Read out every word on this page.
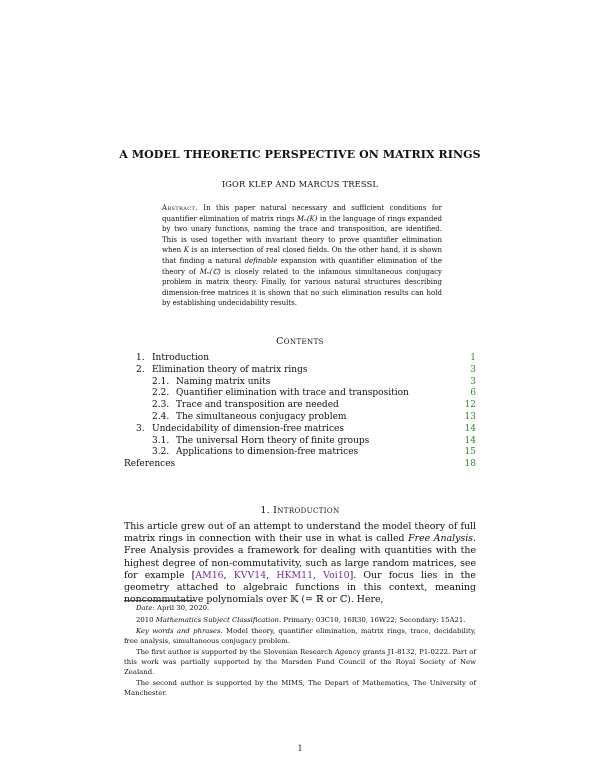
A MODEL THEORETIC PERSPECTIVE ON MATRIX RINGS
IGOR KLEP AND MARCUS TRESSL
Abstract. In this paper natural necessary and sufficient conditions for quantifier elimination of matrix rings Mₙ(K) in the language of rings expanded by two unary functions, naming the trace and transposition, are identified. This is used together with invariant theory to prove quantifier elimination when K is an intersection of real closed fields. On the other hand, it is shown that finding a natural definable expansion with quantifier elimination of the theory of Mₙ(ℂ) is closely related to the infamous simultaneous conjugacy problem in matrix theory. Finally, for various natural structures describing dimension-free matrices it is shown that no such elimination results can hold by establishing undecidability results.
Contents
1. Introduction	1
2. Elimination theory of matrix rings	3
2.1. Naming matrix units	3
2.2. Quantifier elimination with trace and transposition	6
2.3. Trace and transposition are needed	12
2.4. The simultaneous conjugacy problem	13
3. Undecidability of dimension-free matrices	14
3.1. The universal Horn theory of finite groups	14
3.2. Applications to dimension-free matrices	15
References	18
1. Introduction
This article grew out of an attempt to understand the model theory of full matrix rings in connection with their use in what is called Free Analysis. Free Analysis provides a framework for dealing with quantities with the highest degree of non-commutativity, such as large random matrices, see for example [AM16, KVV14, HKM11, Voi10]. Our focus lies in the geometry attached to algebraic functions in this context, meaning noncommutative polynomials over 𝕂 (= ℝ or ℂ). Here,

Date: April 30, 2020.

2010 Mathematics Subject Classification. Primary: 03C10, 16R30, 16W22; Secondary: 15A21.

Key words and phrases. Model theory, quantifier elimination, matrix rings, trace, decidability, free analysis, simultaneous conjugacy problem.

The first author is supported by the Slovenian Research Agency grants J1-8132, P1-0222. Part of this work was partially supported by the Marsden Fund Council of the Royal Society of New Zealand.

The second author is supported by the MIMS, The Depart of Mathematics, The University of Manchester.

1
